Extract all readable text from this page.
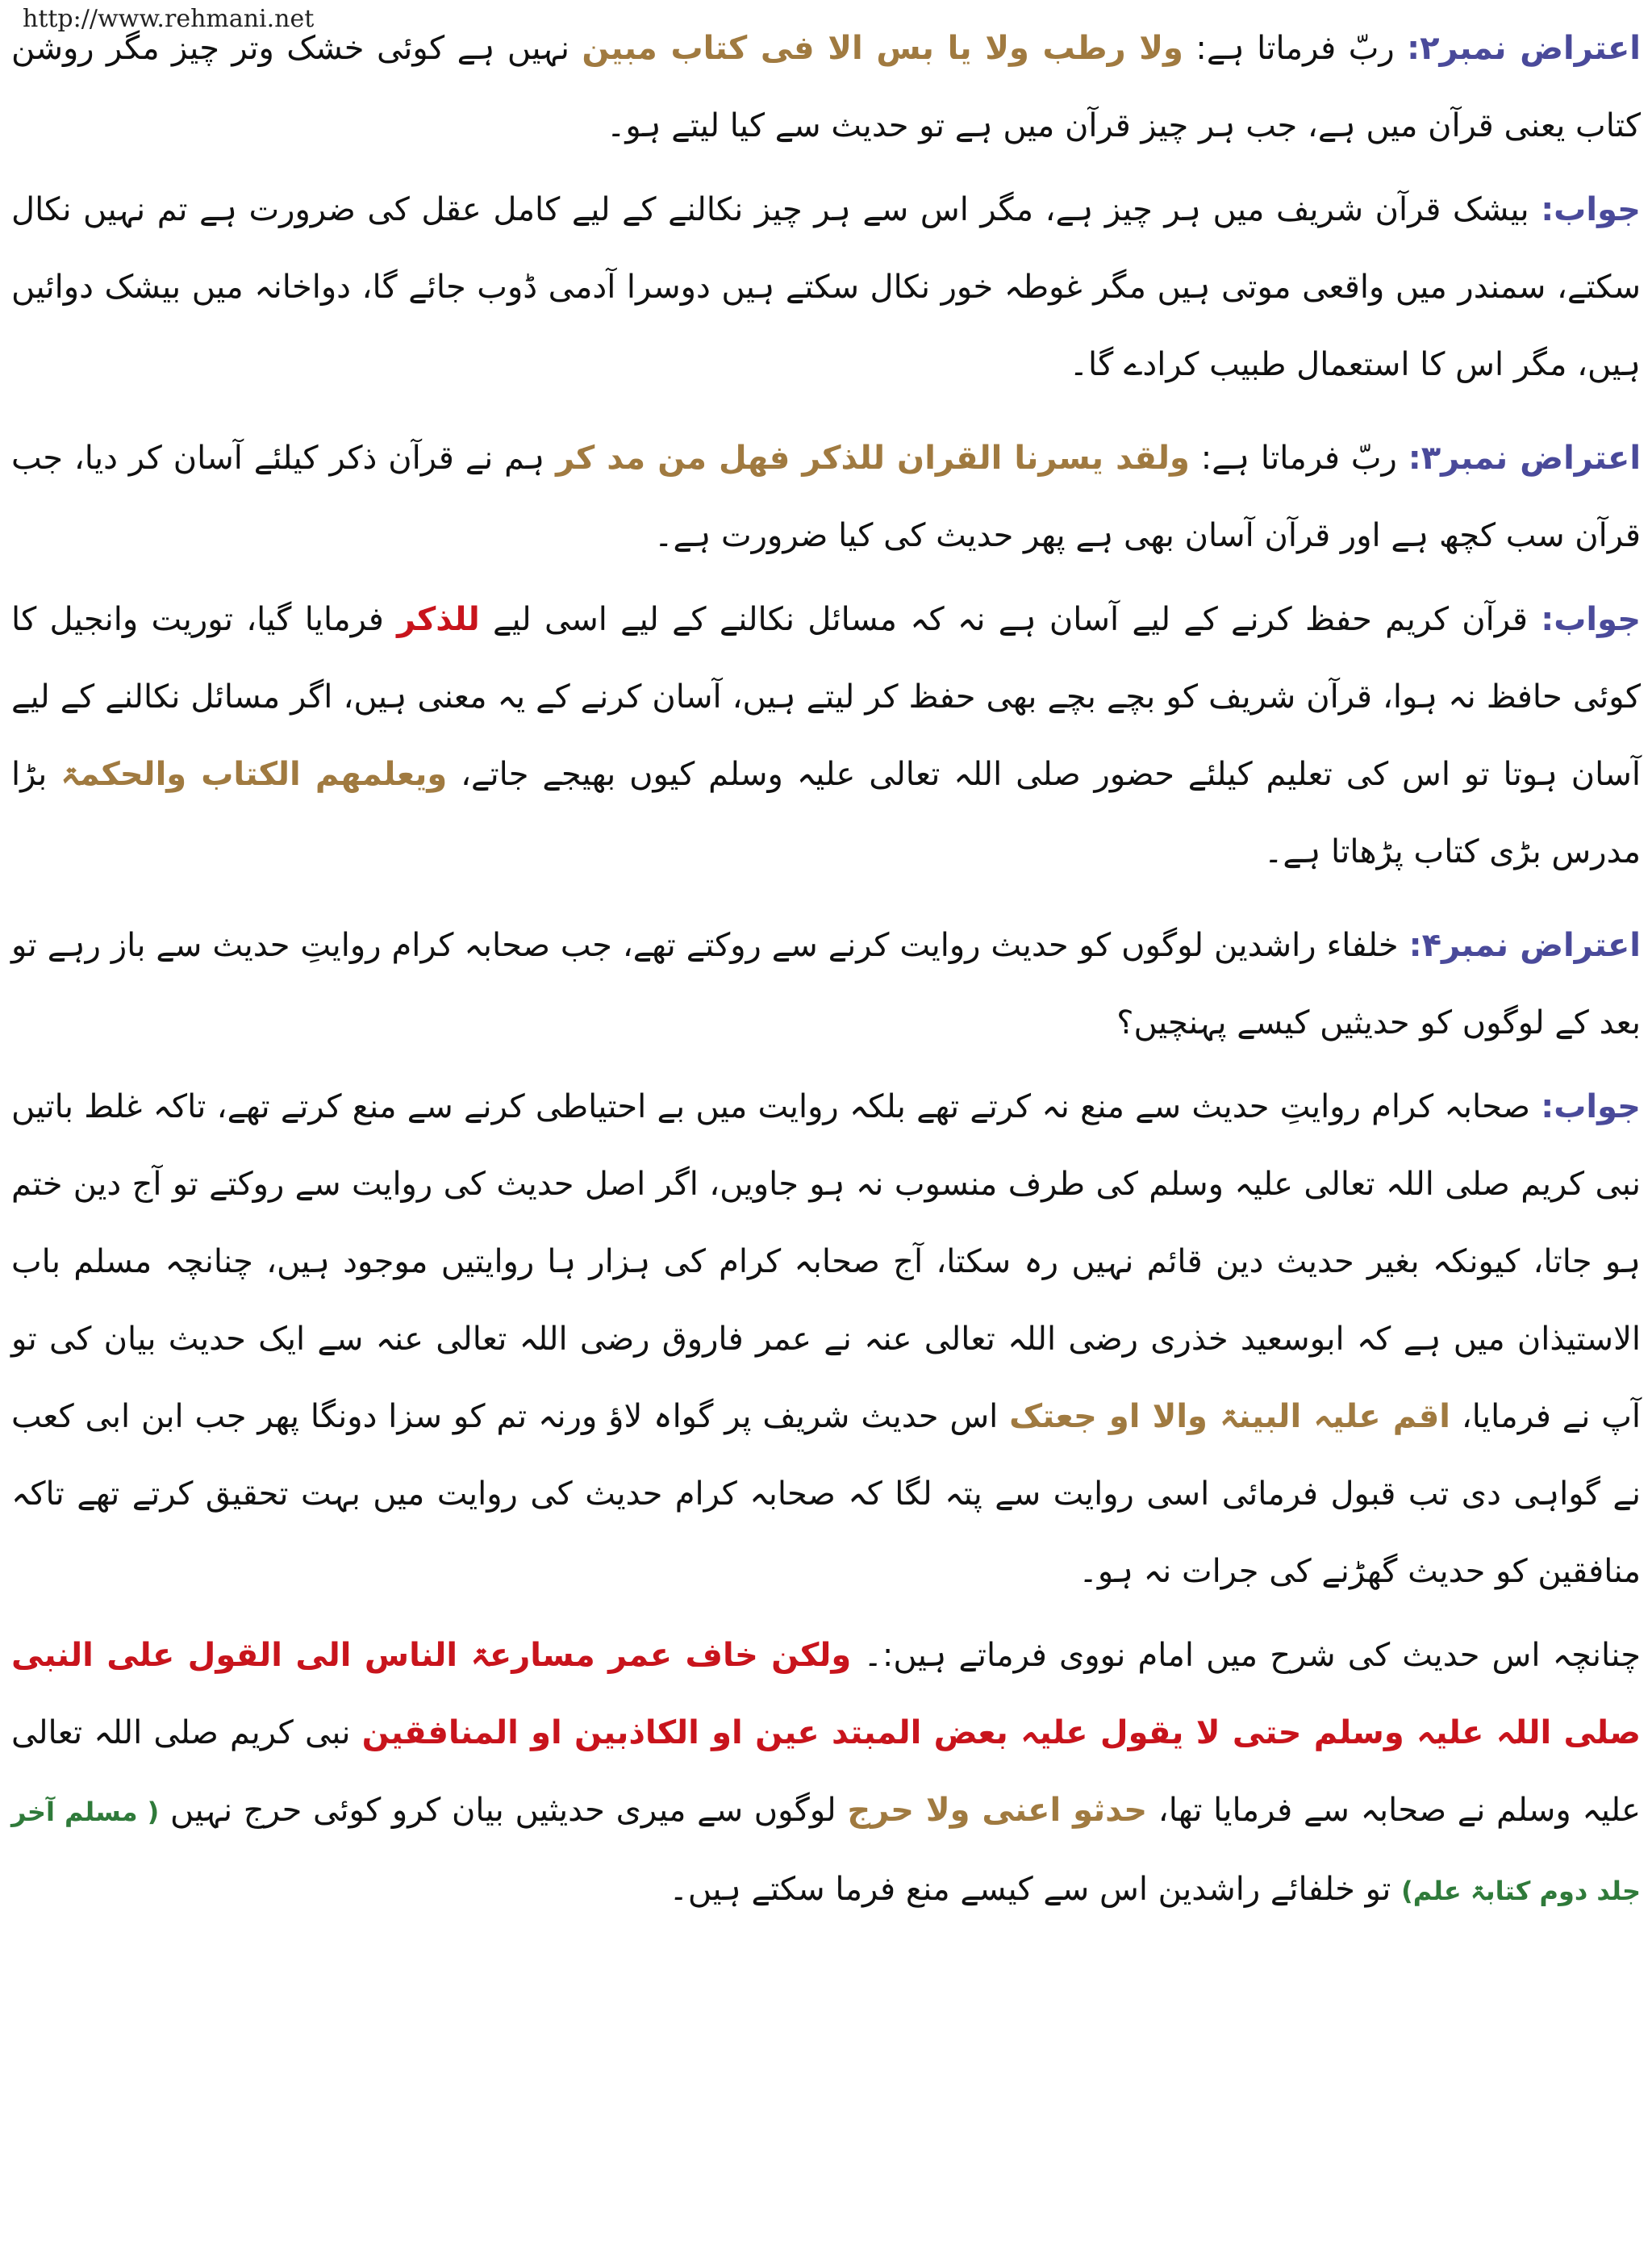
http://www.rehmani.net

اعتراض نمبر۲: ربّ فرماتا ہے: ولا رطب ولا یا بس الا فی کتاب مبین نہیں ہے کوئی خشک وتر چیز مگر روشن کتاب یعنی قرآن میں ہے، جب ہر چیز قرآن میں ہے تو حدیث سے کیا لیتے ہو۔

جواب: بیشک قرآن شریف میں ہر چیز ہے، مگر اس سے ہر چیز نکالنے کے لیے کامل عقل کی ضرورت ہے تم نہیں نکال سکتے، سمندر میں واقعی موتی ہیں مگر غوطہ خور نکال سکتے ہیں دوسرا آدمی ڈوب جائے گا، دواخانہ میں بیشک دوائیں ہیں، مگر اس کا استعمال طبیب کرادے گا۔

اعتراض نمبر۳: ربّ فرماتا ہے: ولقد یسرنا القران للذکر فھل من مد کر ہم نے قرآن ذکر کیلئے آسان کر دیا، جب قرآن سب کچھ ہے اور قرآن آسان بھی ہے پھر حدیث کی کیا ضرورت ہے۔

جواب: قرآن کریم حفظ کرنے کے لیے آسان ہے نہ کہ مسائل نکالنے کے لیے اسی لیے للذکر فرمایا گیا، توریت وانجیل کا کوئی حافظ نہ ہوا، قرآن شریف کو بچے بچے بھی حفظ کر لیتے ہیں، آسان کرنے کے یہ معنی ہیں، اگر مسائل نکالنے کے لیے آسان ہوتا تو اس کی تعلیم کیلئے حضور صلی اللہ تعالی علیہ وسلم کیوں بھیجے جاتے، ویعلمھم الکتاب والحکمۃ بڑا مدرس بڑی کتاب پڑھاتا ہے۔

اعتراض نمبر۴: خلفاء راشدین لوگوں کو حدیث روایت کرنے سے روکتے تھے، جب صحابہ کرام روایتِ حدیث سے باز رہے تو بعد کے لوگوں کو حدیثیں کیسے پہنچیں؟

جواب: صحابہ کرام روایتِ حدیث سے منع نہ کرتے تھے بلکہ روایت میں بے احتیاطی کرنے سے منع کرتے تھے، تاکہ غلط باتیں نبی کریم صلی اللہ تعالی علیہ وسلم کی طرف منسوب نہ ہو جاویں، اگر اصل حدیث کی روایت سے روکتے تو آج دین ختم ہو جاتا، کیونکہ بغیر حدیث دین قائم نہیں رہ سکتا، آج صحابہ کرام کی ہزار ہا روایتیں موجود ہیں، چنانچہ مسلم باب الاستیذان میں ہے کہ ابوسعید خذری رضی اللہ تعالی عنہ نے عمر فاروق رضی اللہ تعالی عنہ سے ایک حدیث بیان کی تو آپ نے فرمایا، اقم علیہ البینۃ والا او جعتک اس حدیث شریف پر گواہ لاؤ ورنہ تم کو سزا دونگا پھر جب ابن ابی کعب نے گواہی دی تب قبول فرمائی اسی روایت سے پتہ لگا کہ صحابہ کرام حدیث کی روایت میں بہت تحقیق کرتے تھے تاکہ منافقین کو حدیث گھڑنے کی جرات نہ ہو۔

چنانچہ اس حدیث کی شرح میں امام نووی فرماتے ہیں:۔ ولکن خاف عمر مسارعۃ الناس الی القول علی النبی صلی اللہ علیہ وسلم حتی لا یقول علیہ بعض المبتد عین او الکاذبین او المنافقین نبی کریم صلی اللہ تعالی علیہ وسلم نے صحابہ سے فرمایا تھا، حدثو اعنی ولا حرج لوگوں سے میری حدیثیں بیان کرو کوئی حرج نہیں ( مسلم آخر جلد دوم کتابۃ علم) تو خلفائے راشدین اس سے کیسے منع فرما سکتے ہیں۔
